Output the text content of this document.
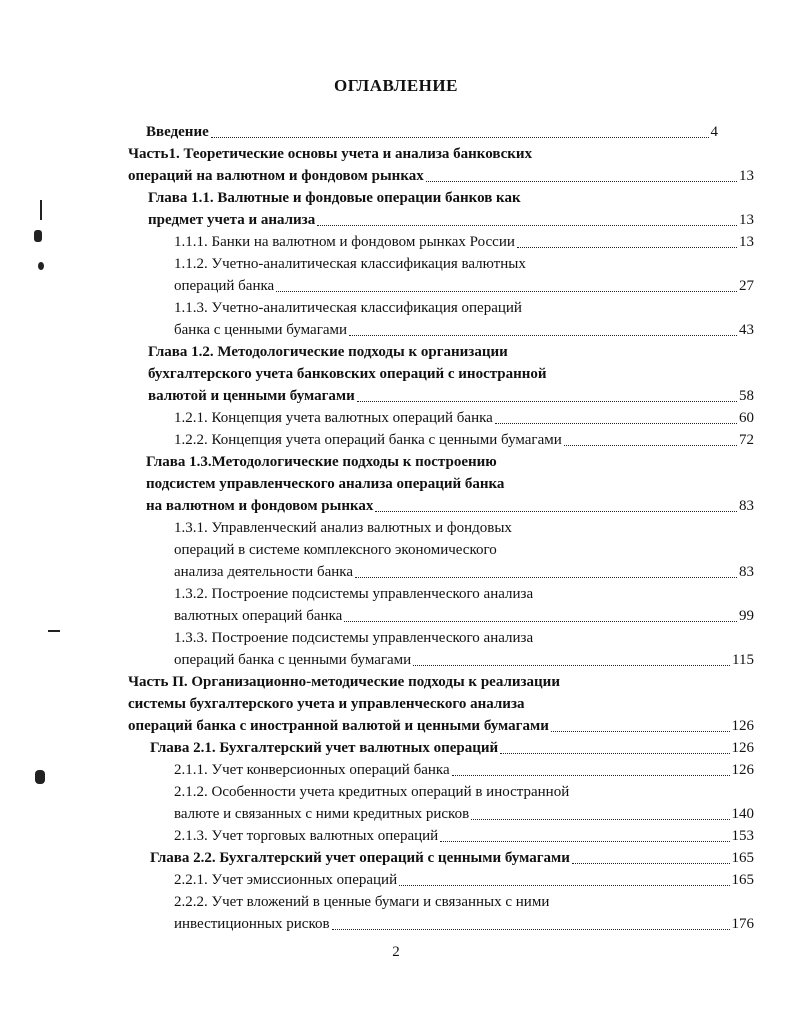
ОГЛАВЛЕНИЕ
Введение	4
Часть1. Теоретические основы учета и анализа банковских
операций на валютном и фондовом рынках	13
Глава 1.1. Валютные и фондовые операции банков как
предмет учета и анализа	13
1.1.1. Банки на валютном и фондовом рынках России	13
1.1.2. Учетно-аналитическая классификация валютных
операций банка	27
1.1.3. Учетно-аналитическая классификация операций
банка с ценными бумагами	43
Глава 1.2. Методологические подходы к организации
бухгалтерского учета банковских операций с иностранной
валютой и ценными бумагами	58
1.2.1. Концепция учета валютных операций банка	60
1.2.2. Концепция учета операций банка с ценными бумагами	72
Глава 1.3.Методологические подходы к построению
подсистем управленческого анализа операций банка
на валютном и фондовом рынках	83
1.3.1. Управленческий анализ валютных и фондовых
операций в системе комплексного экономического
анализа деятельности банка	83
1.3.2. Построение подсистемы управленческого анализа
валютных операций банка	99
1.3.3. Построение подсистемы управленческого анализа
операций банка с ценными бумагами	115
Часть П. Организационно-методические подходы к реализации
системы бухгалтерского учета и управленческого анализа
операций банка с иностранной валютой и ценными бумагами	126
Глава 2.1. Бухгалтерский учет валютных операций	126
2.1.1. Учет конверсионных операций банка	126
2.1.2. Особенности учета кредитных операций в иностранной
валюте и связанных с ними кредитных рисков	140
2.1.3. Учет торговых валютных операций	153
Глава 2.2. Бухгалтерский учет операций с ценными бумагами	165
2.2.1. Учет эмиссионных операций	165
2.2.2. Учет вложений в ценные бумаги и связанных с ними
инвестиционных рисков	176
2
